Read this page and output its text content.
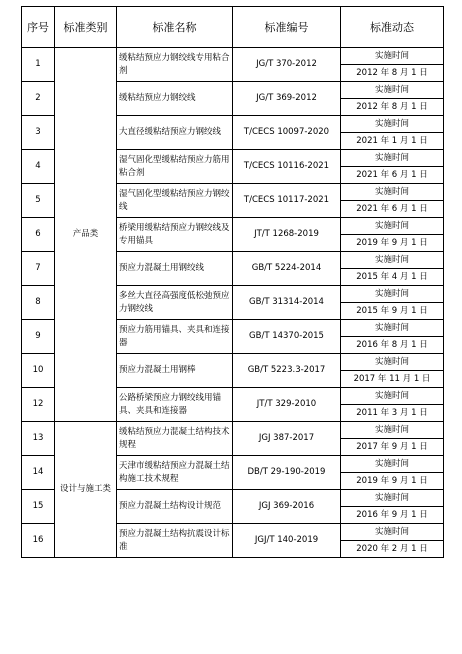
序号	标准类别	标准名称	标准编号	标准动态
1	产品类	缓粘结预应力钢绞线专用粘合剂	JG/T 370-2012	实施时间
				2012 年 8 月 1 日
2		缓粘结预应力钢绞线	JG/T 369-2012	实施时间
				2012 年 8 月 1 日
3		大直径缓粘结预应力钢绞线	T/CECS 10097-2020	实施时间
				2021 年 1 月 1 日
4		湿气固化型缓粘结预应力筋用粘合剂	T/CECS 10116-2021	实施时间
				2021 年 6 月 1 日
5		湿气固化型缓粘结预应力钢绞线	T/CECS 10117-2021	实施时间
				2021 年 6 月 1 日
6		桥梁用缓粘结预应力钢绞线及专用锚具	JT/T 1268-2019	实施时间
				2019 年 9 月 1 日
7		预应力混凝土用钢绞线	GB/T 5224-2014	实施时间
				2015 年 4 月 1 日
8		多丝大直径高强度低松弛预应力钢绞线	GB/T 31314-2014	实施时间
				2015 年 9 月 1 日
9		预应力筋用锚具、夹具和连接器	GB/T 14370-2015	实施时间
				2016 年 8 月 1 日
10		预应力混凝土用钢棒	GB/T 5223.3-2017	实施时间
				2017 年 11 月 1 日
12		公路桥梁预应力钢绞线用锚具、夹具和连接器	JT/T 329-2010	实施时间
				2011 年 3 月 1 日
13	设计与施工类	缓粘结预应力混凝土结构技术规程	JGJ 387-2017	实施时间
				2017 年 9 月 1 日
14		天津市缓粘结预应力混凝土结构施工技术规程	DB/T 29-190-2019	实施时间
				2019 年 9 月 1 日
15		预应力混凝土结构设计规范	JGJ 369-2016	实施时间
				2016 年 9 月 1 日
16		预应力混凝土结构抗震设计标准	JGJ/T 140-2019	实施时间
				2020 年 2 月 1 日
